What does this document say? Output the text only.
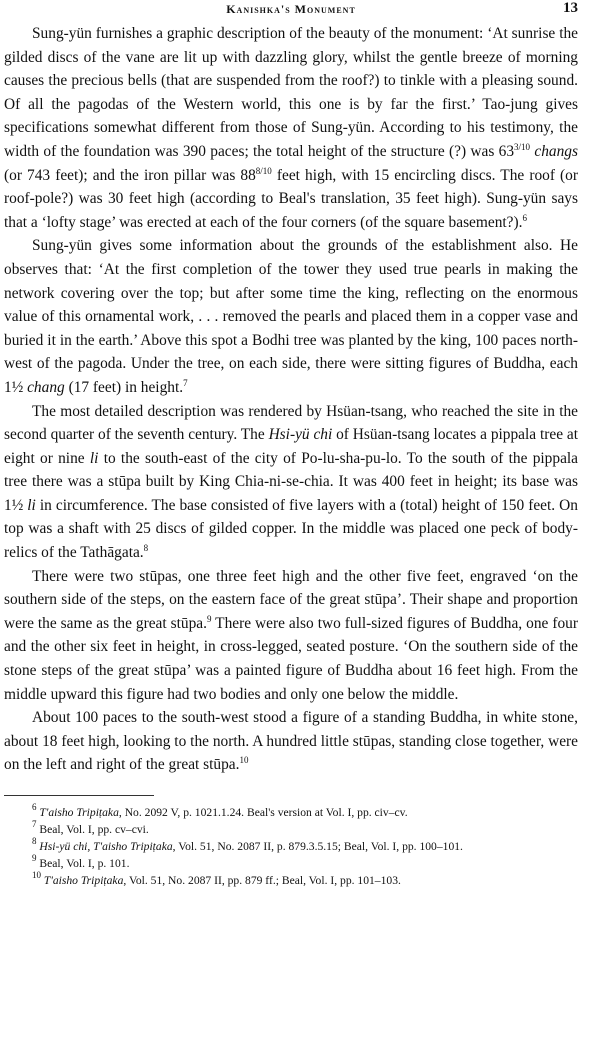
Kanishka's Monument	13

Sung-yün furnishes a graphic description of the beauty of the monument: ‘At sunrise the gilded discs of the vane are lit up with dazzling glory, whilst the gentle breeze of morning causes the precious bells (that are suspended from the roof?) to tinkle with a pleasing sound. Of all the pagodas of the Western world, this one is by far the first.’ Tao-jung gives specifications somewhat different from those of Sung-yün. According to his testimony, the width of the foundation was 390 paces; the total height of the structure (?) was $63^{3/10}$ changs (or 743 feet); and the iron pillar was $88^{8/10}$ feet high, with 15 encircling discs. The roof (or roof-pole?) was 30 feet high (according to Beal's translation, 35 feet high). Sung-yün says that a ‘lofty stage’ was erected at each of the four corners (of the square basement?).$^6$

Sung-yün gives some information about the grounds of the establishment also. He observes that: ‘At the first completion of the tower they used true pearls in making the network covering over the top; but after some time the king, reflecting on the enormous value of this ornamental work, . . . removed the pearls and placed them in a copper vase and buried it in the earth.’ Above this spot a Bodhi tree was planted by the king, 100 paces north-west of the pagoda. Under the tree, on each side, there were sitting figures of Buddha, each 1½ chang (17 feet) in height.$^7$

The most detailed description was rendered by Hsüan-tsang, who reached the site in the second quarter of the seventh century. The Hsi-yü chi of Hsüan-tsang locates a pippala tree at eight or nine li to the south-east of the city of Po-lu-sha-pu-lo. To the south of the pippala tree there was a stūpa built by King Chia-ni-se-chia. It was 400 feet in height; its base was 1½ li in circumference. The base consisted of five layers with a (total) height of 150 feet. On top was a shaft with 25 discs of gilded copper. In the middle was placed one peck of body-relics of the Tathāgata.$^8$

There were two stūpas, one three feet high and the other five feet, engraved ‘on the southern side of the steps, on the eastern face of the great stūpa’. Their shape and proportion were the same as the great stūpa.$^9$ There were also two full-sized figures of Buddha, one four and the other six feet in height, in cross-legged, seated posture. ‘On the southern side of the stone steps of the great stūpa’ was a painted figure of Buddha about 16 feet high. From the middle upward this figure had two bodies and only one below the middle.

About 100 paces to the south-west stood a figure of a standing Buddha, in white stone, about 18 feet high, looking to the north. A hundred little stūpas, standing close together, were on the left and right of the great stūpa.$^{10}$

$^6$ T'aisho Tripiṭaka, No. 2092 V, p. 1021.1.24. Beal's version at Vol. I, pp. civ–cv.

$^7$ Beal, Vol. I, pp. cv–cvi.

$^8$ Hsi-yü chi, T'aisho Tripiṭaka, Vol. 51, No. 2087 II, p. 879.3.5.15; Beal, Vol. I, pp. 100–101.

$^9$ Beal, Vol. I, p. 101.

$^{10}$ T'aisho Tripiṭaka, Vol. 51, No. 2087 II, pp. 879 ff.; Beal, Vol. I, pp. 101–103.
